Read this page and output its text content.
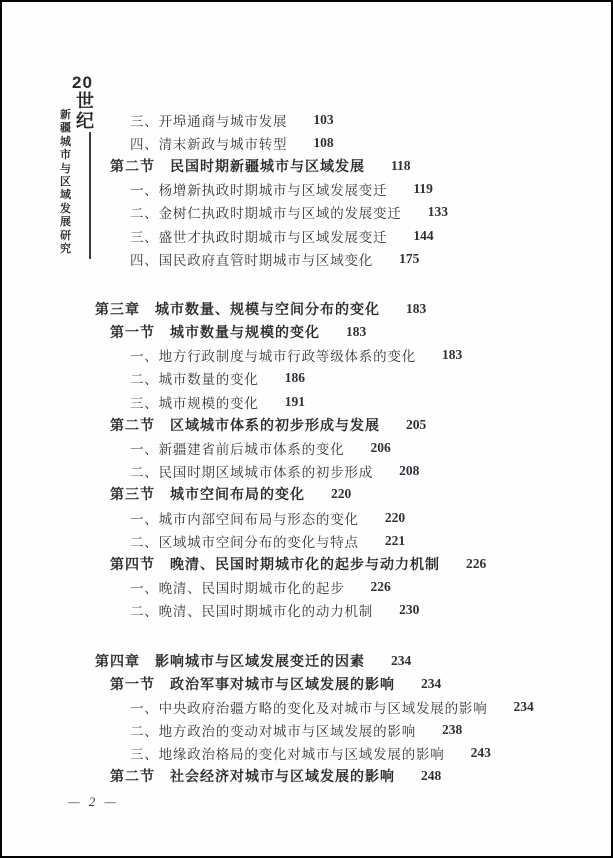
20
世纪
新疆城市与区域发展研究
三、开埠通商与城市发展 103
四、清末新政与城市转型 108
第二节　民国时期新疆城市与区域发展 118
一、杨增新执政时期城市与区域发展变迁 119
二、金树仁执政时期城市与区域的发展变迁 133
三、盛世才执政时期城市与区域发展变迁 144
四、国民政府直管时期城市与区域变化 175
第三章　城市数量、规模与空间分布的变化 183
第一节　城市数量与规模的变化 183
一、地方行政制度与城市行政等级体系的变化 183
二、城市数量的变化 186
三、城市规模的变化 191
第二节　区域城市体系的初步形成与发展 205
一、新疆建省前后城市体系的变化 206
二、民国时期区域城市体系的初步形成 208
第三节　城市空间布局的变化 220
一、城市内部空间布局与形态的变化 220
二、区域城市空间分布的变化与特点 221
第四节　晚清、民国时期城市化的起步与动力机制 226
一、晚清、民国时期城市化的起步 226
二、晚清、民国时期城市化的动力机制 230
第四章　影响城市与区域发展变迁的因素 234
第一节　政治军事对城市与区域发展的影响 234
一、中央政府治疆方略的变化及对城市与区域发展的影响 234
二、地方政治的变动对城市与区域发展的影响 238
三、地缘政治格局的变化对城市与区域发展的影响 243
第二节　社会经济对城市与区域发展的影响 248
— 2 —
